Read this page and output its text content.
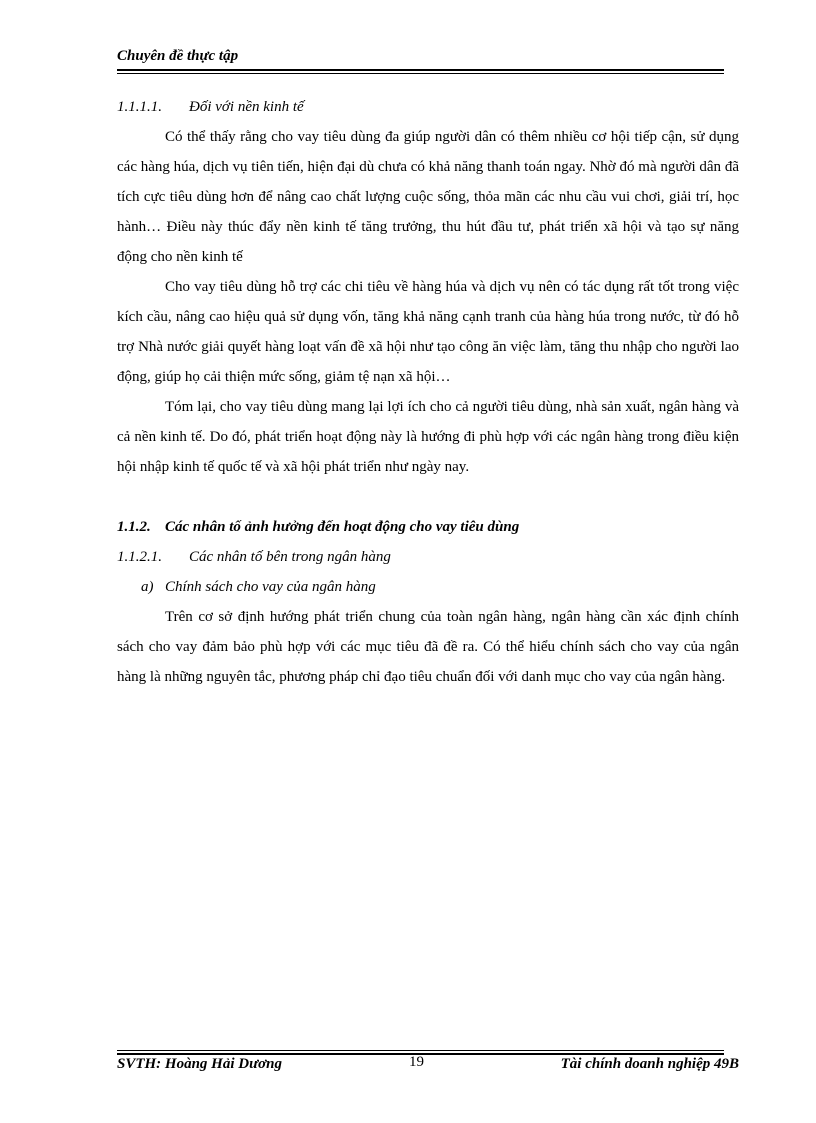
Chuyên đề thực tập

1.1.1.1. Đối với nền kinh tế

Có thể thấy rằng cho vay tiêu dùng đa giúp người dân có thêm nhiều cơ hội tiếp cận, sử dụng các hàng húa, dịch vụ tiên tiến, hiện đại dù chưa có khả năng thanh toán ngay. Nhờ đó mà người dân đã tích cực tiêu dùng hơn để nâng cao chất lượng cuộc sống, thỏa mãn các nhu cầu vui chơi, giải trí, học hành… Điều này thúc đẩy nền kinh tế tăng trưởng, thu hút đầu tư, phát triển xã hội và tạo sự năng động cho nền kinh tế

Cho vay tiêu dùng hỗ trợ các chi tiêu về hàng húa và dịch vụ nên có tác dụng rất tốt trong việc kích cầu, nâng cao hiệu quả sử dụng vốn, tăng khả năng cạnh tranh của hàng húa trong nước, từ đó hỗ trợ Nhà nước giải quyết hàng loạt vấn đề xã hội như tạo công ăn việc làm, tăng thu nhập cho người lao động, giúp họ cải thiện mức sống, giảm tệ nạn xã hội…

Tóm lại, cho vay tiêu dùng mang lại lợi ích cho cả người tiêu dùng, nhà sản xuất, ngân hàng và cả nền kinh tế. Do đó, phát triển hoạt động này là hướng đi phù hợp với các ngân hàng trong điều kiện hội nhập kinh tế quốc tế và xã hội phát triển như ngày nay.

1.1.2. Các nhân tố ảnh hưởng đến hoạt động cho vay tiêu dùng

1.1.2.1. Các nhân tố bên trong ngân hàng

a) Chính sách cho vay của ngân hàng

Trên cơ sở định hướng phát triển chung của toàn ngân hàng, ngân hàng cần xác định chính sách cho vay đảm bảo phù hợp với các mục tiêu đã đề ra. Có thể hiểu chính sách cho vay của ngân hàng là những nguyên tắc, phương pháp chỉ đạo tiêu chuẩn đối với danh mục cho vay của ngân hàng.

SVTH: Hoàng Hải Dương	19	Tài chính doanh nghiệp 49B
